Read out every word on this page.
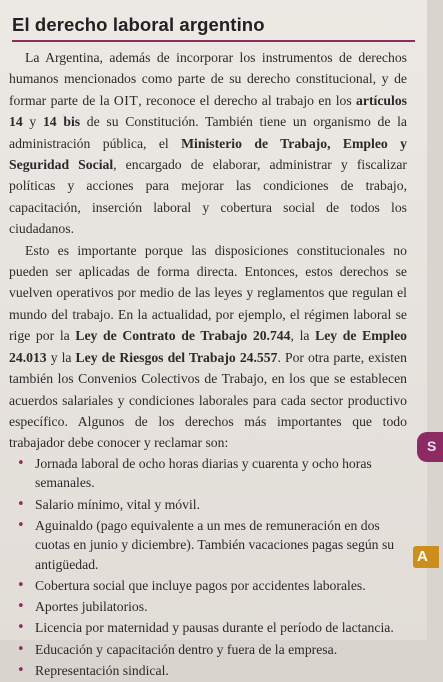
El derecho laboral argentino

La Argentina, además de incorporar los instrumentos de derechos humanos mencionados como parte de su derecho constitucional, y de formar parte de la OIT, reconoce el derecho al trabajo en los artículos 14 y 14 bis de su Constitución. También tiene un organismo de la administración pública, el Ministerio de Trabajo, Empleo y Seguridad Social, encargado de elaborar, administrar y fiscalizar políticas y acciones para mejorar las condiciones de trabajo, capacitación, inserción laboral y cobertura social de todos los ciudadanos.

Esto es importante porque las disposiciones constitucionales no pueden ser aplicadas de forma directa. Entonces, estos derechos se vuelven operativos por medio de las leyes y reglamentos que regulan el mundo del trabajo. En la actualidad, por ejemplo, el régimen laboral se rige por la Ley de Contrato de Trabajo 20.744, la Ley de Empleo 24.013 y la Ley de Riesgos del Trabajo 24.557. Por otra parte, existen también los Convenios Colectivos de Trabajo, en los que se establecen acuerdos salariales y condiciones laborales para cada sector productivo específico. Algunos de los derechos más importantes que todo trabajador debe conocer y reclamar son:

• Jornada laboral de ocho horas diarias y cuarenta y ocho horas semanales.
• Salario mínimo, vital y móvil.
• Aguinaldo (pago equivalente a un mes de remuneración en dos cuotas en junio y diciembre). También vacaciones pagas según su antigüedad.
• Cobertura social que incluye pagos por accidentes laborales.
• Aportes jubilatorios.
• Licencia por maternidad y pausas durante el período de lactancia.
• Educación y capacitación dentro y fuera de la empresa.
• Representación sindical.
S
A
